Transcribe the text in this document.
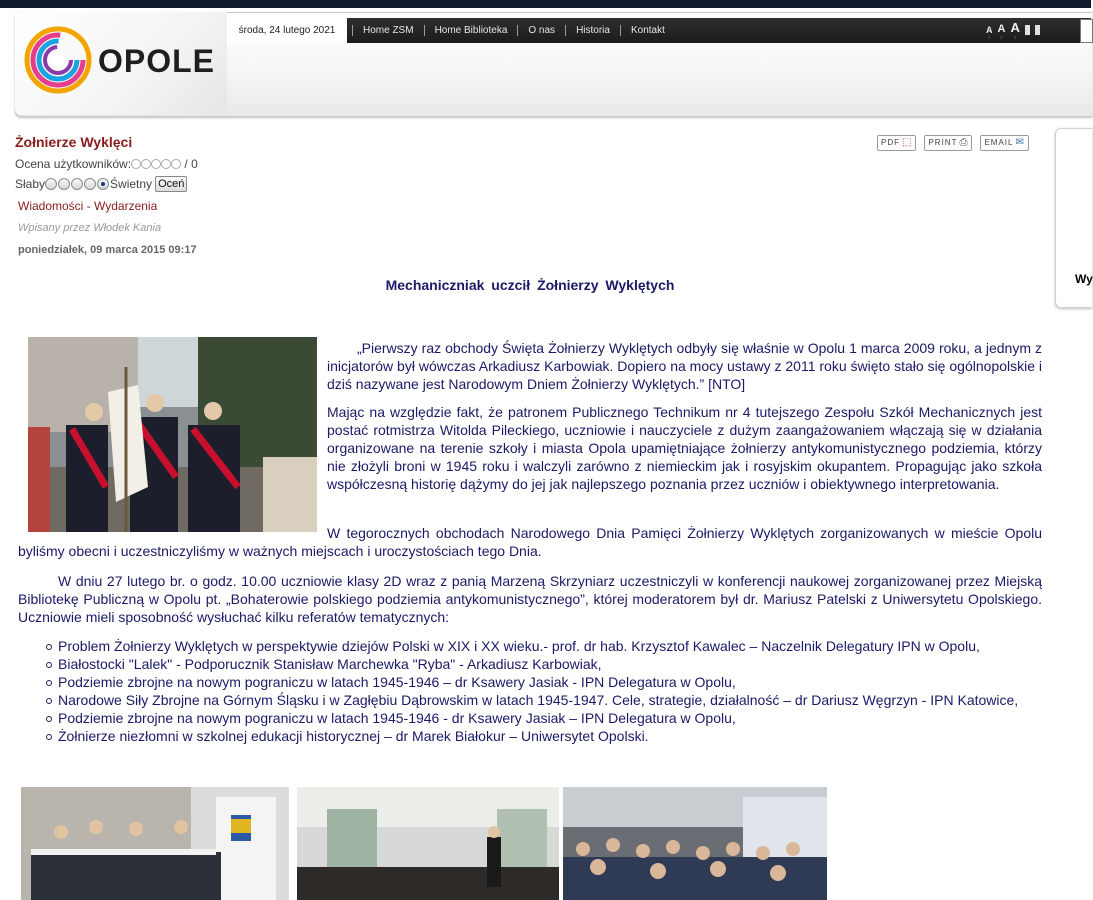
OPOLE
środa, 24 lutego 2021	Home ZSM	Home Biblioteka	O nas	Historia	Kontakt	A
◦
A
◦
A
◦
Żołnierze Wyklęci
Ocena użytkowników:	/ 0
Słaby	Świetny Oceń
Wiadomości - Wydarzenia
Wpisany przez Włodek Kania
poniedziałek, 09 marca 2015 09:17
PDF ⬚ PRINT ⎙ EMAIL ✉
Wy
Mechaniczniak uczcił Żołnierzy Wyklętych
„Pierwszy raz obchody Święta Żołnierzy Wyklętych odbyły się właśnie w Opolu 1 marca 2009 roku, a jednym z inicjatorów był wówczas Arkadiusz Karbowiak. Dopiero na mocy ustawy z 2011 roku święto stało się ogólnopolskie i dziś nazywane jest Narodowym Dniem Żołnierzy Wyklętych.” [NTO]
Mając na względzie fakt, że patronem Publicznego Technikum nr 4 tutejszego Zespołu Szkół Mechanicznych jest postać rotmistrza Witolda Pileckiego, uczniowie i nauczyciele z dużym zaangażowaniem włączają się w działania organizowane na terenie szkoły i miasta Opola upamiętniające żołnierzy antykomunistycznego podziemia, którzy nie złożyli broni w 1945 roku i walczyli zarówno z niemieckim jak i rosyjskim okupantem. Propagując jako szkoła współczesną historię dążymy do jej jak najlepszego poznania przez uczniów i obiektywnego interpretowania.
W tegorocznych obchodach Narodowego Dnia Pamięci Żołnierzy Wyklętych zorganizowanych w mieście Opolu byliśmy obecni i uczestniczyliśmy w ważnych miejscach i uroczystościach tego Dnia.
W dniu 27 lutego br. o godz. 10.00 uczniowie klasy 2D wraz z panią Marzeną Skrzyniarz uczestniczyli w konferencji naukowej zorganizowanej przez Miejską Bibliotekę Publiczną w Opolu pt. „Bohaterowie polskiego podziemia antykomunistycznego”, której moderatorem był dr. Mariusz Patelski z Uniwersytetu Opolskiego. Uczniowie mieli sposobność wysłuchać kilku referatów tematycznych:
Problem Żołnierzy Wyklętych w perspektywie dziejów Polski w XIX i XX wieku.- prof. dr hab. Krzysztof Kawalec – Naczelnik Delegatury IPN w Opolu,
Białostocki "Lalek" - Podporucznik Stanisław Marchewka "Ryba" - Arkadiusz Karbowiak,
Podziemie zbrojne na nowym pograniczu w latach 1945-1946 – dr Ksawery Jasiak - IPN Delegatura w Opolu,
Narodowe Siły Zbrojne na Górnym Śląsku i w Zagłębiu Dąbrowskim w latach 1945-1947. Cele, strategie, działalność – dr Dariusz Węgrzyn - IPN Katowice,
Podziemie zbrojne na nowym pograniczu w latach 1945-1946 - dr Ksawery Jasiak – IPN Delegatura w Opolu,
Żołnierze niezłomni w szkolnej edukacji historycznej – dr Marek Białokur – Uniwersytet Opolski.
